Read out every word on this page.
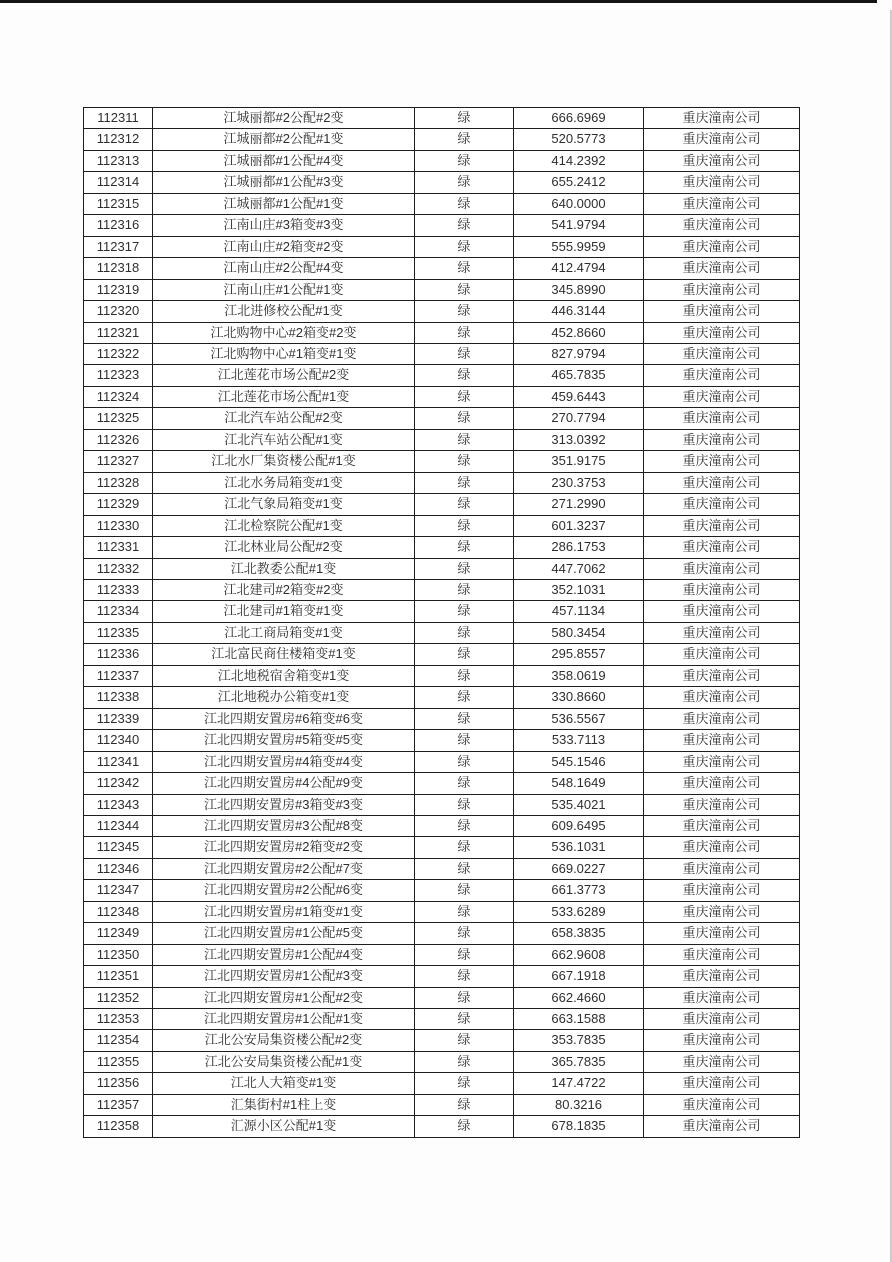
112311	江城丽都#2公配#2变	绿	666.6969	重庆潼南公司
112312	江城丽都#2公配#1变	绿	520.5773	重庆潼南公司
112313	江城丽都#1公配#4变	绿	414.2392	重庆潼南公司
112314	江城丽都#1公配#3变	绿	655.2412	重庆潼南公司
112315	江城丽都#1公配#1变	绿	640.0000	重庆潼南公司
112316	江南山庄#3箱变#3变	绿	541.9794	重庆潼南公司
112317	江南山庄#2箱变#2变	绿	555.9959	重庆潼南公司
112318	江南山庄#2公配#4变	绿	412.4794	重庆潼南公司
112319	江南山庄#1公配#1变	绿	345.8990	重庆潼南公司
112320	江北进修校公配#1变	绿	446.3144	重庆潼南公司
112321	江北购物中心#2箱变#2变	绿	452.8660	重庆潼南公司
112322	江北购物中心#1箱变#1变	绿	827.9794	重庆潼南公司
112323	江北莲花市场公配#2变	绿	465.7835	重庆潼南公司
112324	江北莲花市场公配#1变	绿	459.6443	重庆潼南公司
112325	江北汽车站公配#2变	绿	270.7794	重庆潼南公司
112326	江北汽车站公配#1变	绿	313.0392	重庆潼南公司
112327	江北水厂集资楼公配#1变	绿	351.9175	重庆潼南公司
112328	江北水务局箱变#1变	绿	230.3753	重庆潼南公司
112329	江北气象局箱变#1变	绿	271.2990	重庆潼南公司
112330	江北检察院公配#1变	绿	601.3237	重庆潼南公司
112331	江北林业局公配#2变	绿	286.1753	重庆潼南公司
112332	江北教委公配#1变	绿	447.7062	重庆潼南公司
112333	江北建司#2箱变#2变	绿	352.1031	重庆潼南公司
112334	江北建司#1箱变#1变	绿	457.1134	重庆潼南公司
112335	江北工商局箱变#1变	绿	580.3454	重庆潼南公司
112336	江北富民商住楼箱变#1变	绿	295.8557	重庆潼南公司
112337	江北地税宿舍箱变#1变	绿	358.0619	重庆潼南公司
112338	江北地税办公箱变#1变	绿	330.8660	重庆潼南公司
112339	江北四期安置房#6箱变#6变	绿	536.5567	重庆潼南公司
112340	江北四期安置房#5箱变#5变	绿	533.7113	重庆潼南公司
112341	江北四期安置房#4箱变#4变	绿	545.1546	重庆潼南公司
112342	江北四期安置房#4公配#9变	绿	548.1649	重庆潼南公司
112343	江北四期安置房#3箱变#3变	绿	535.4021	重庆潼南公司
112344	江北四期安置房#3公配#8变	绿	609.6495	重庆潼南公司
112345	江北四期安置房#2箱变#2变	绿	536.1031	重庆潼南公司
112346	江北四期安置房#2公配#7变	绿	669.0227	重庆潼南公司
112347	江北四期安置房#2公配#6变	绿	661.3773	重庆潼南公司
112348	江北四期安置房#1箱变#1变	绿	533.6289	重庆潼南公司
112349	江北四期安置房#1公配#5变	绿	658.3835	重庆潼南公司
112350	江北四期安置房#1公配#4变	绿	662.9608	重庆潼南公司
112351	江北四期安置房#1公配#3变	绿	667.1918	重庆潼南公司
112352	江北四期安置房#1公配#2变	绿	662.4660	重庆潼南公司
112353	江北四期安置房#1公配#1变	绿	663.1588	重庆潼南公司
112354	江北公安局集资楼公配#2变	绿	353.7835	重庆潼南公司
112355	江北公安局集资楼公配#1变	绿	365.7835	重庆潼南公司
112356	江北人大箱变#1变	绿	147.4722	重庆潼南公司
112357	汇集街村#1柱上变	绿	80.3216	重庆潼南公司
112358	汇源小区公配#1变	绿	678.1835	重庆潼南公司
